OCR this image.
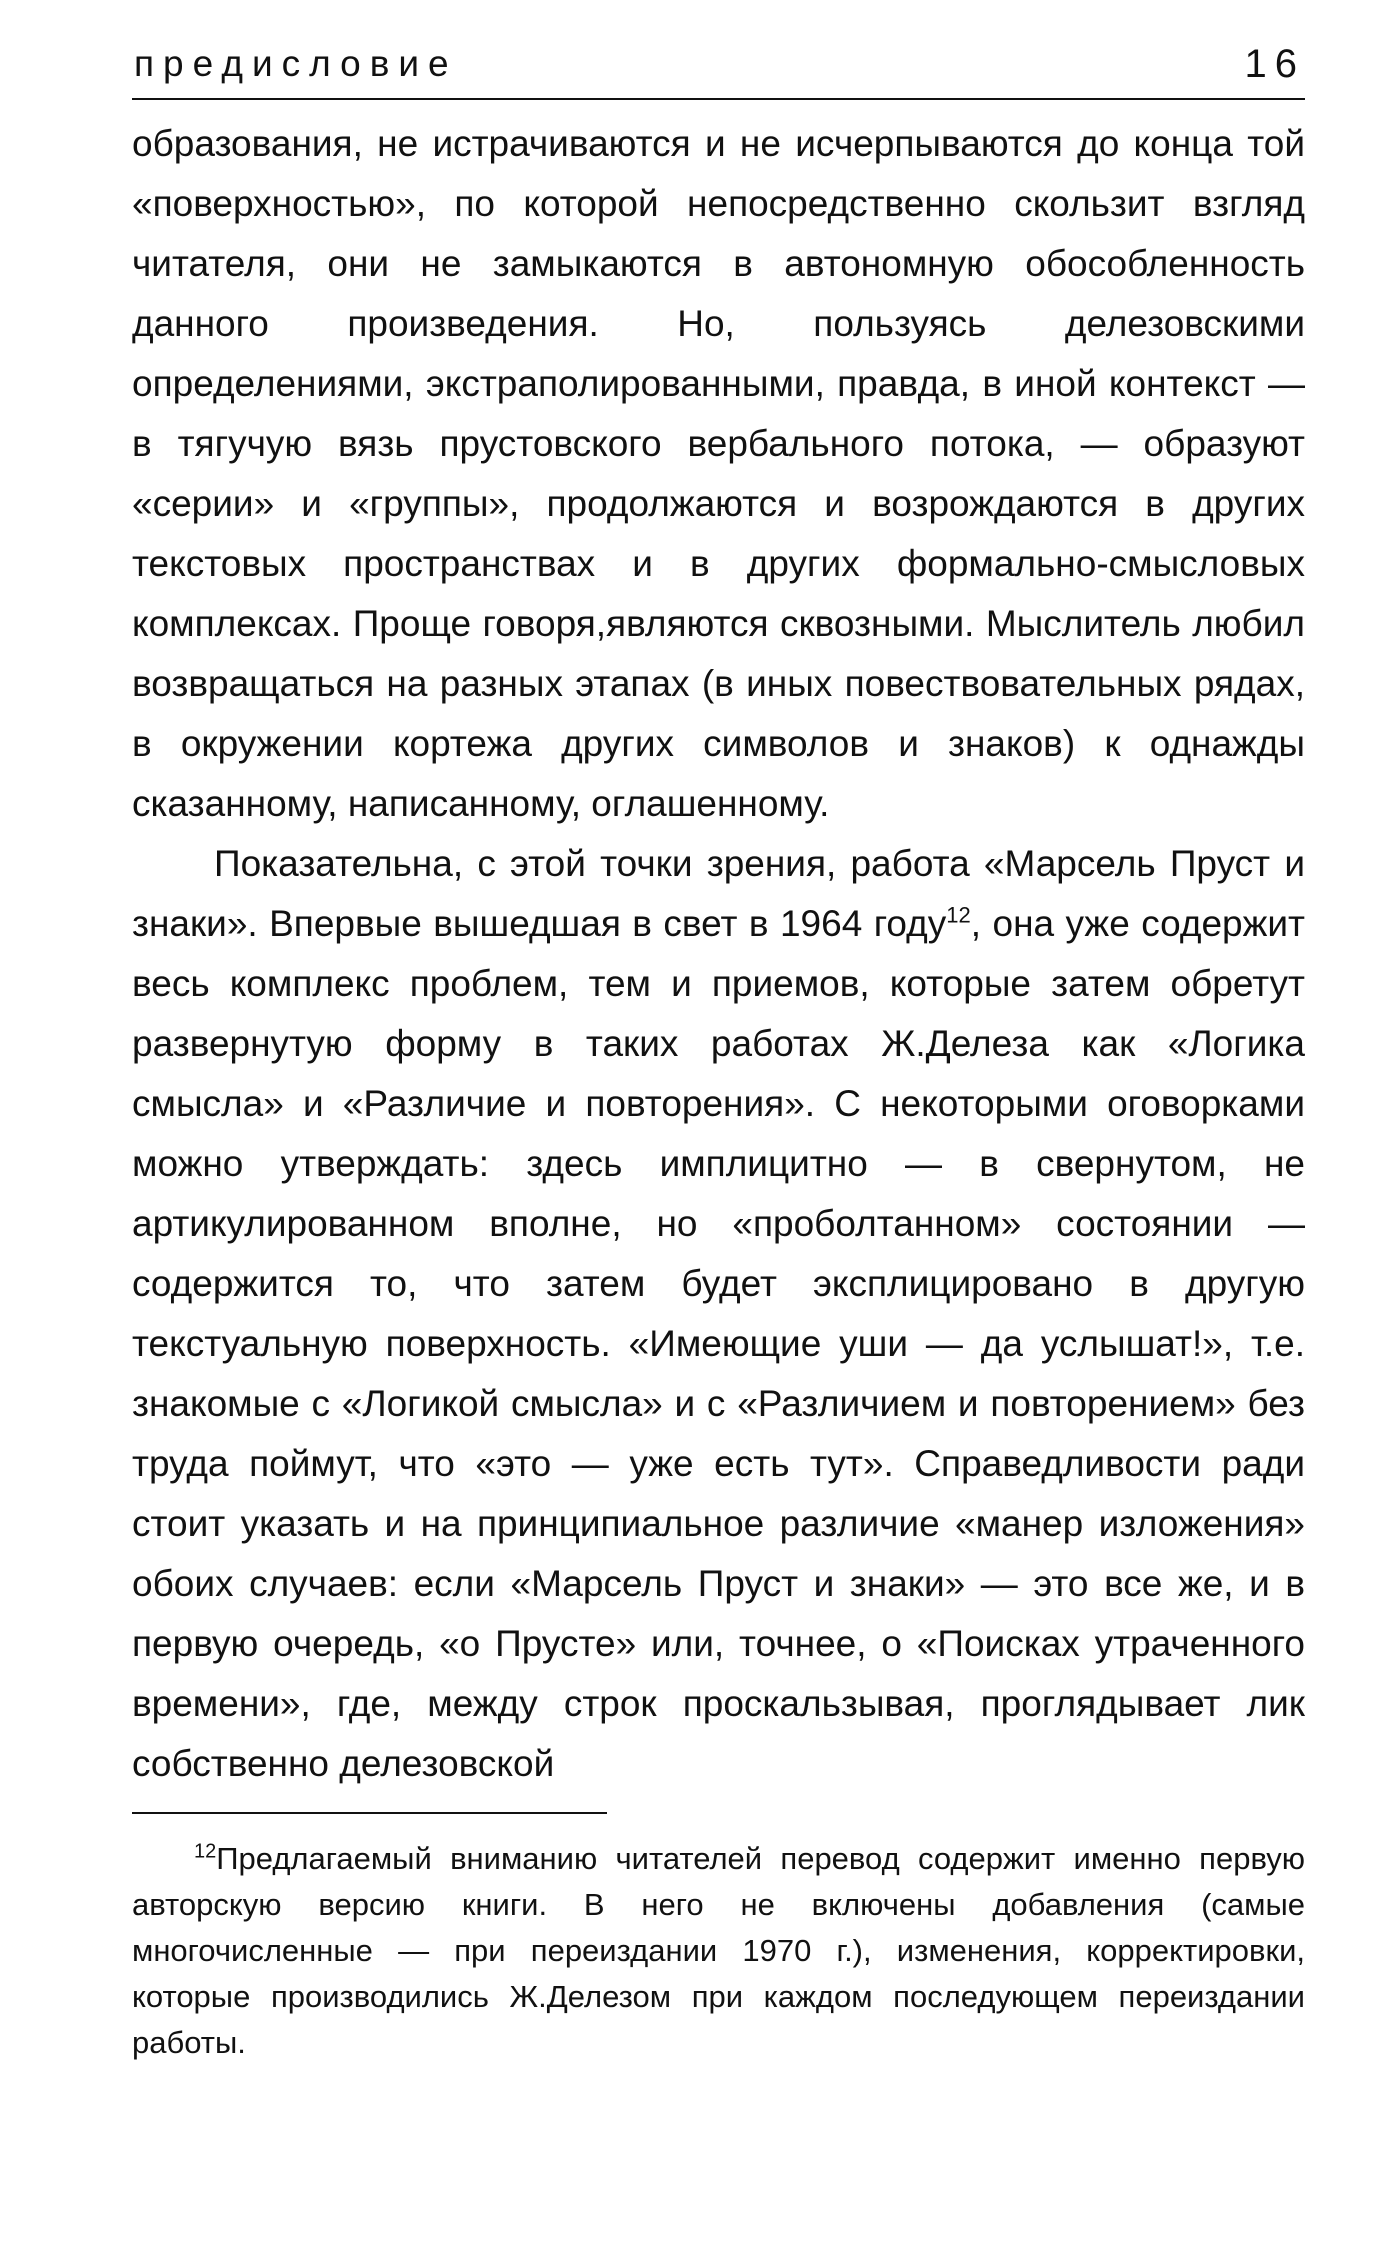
предисловие	16

образования, не истрачиваются и не исчерпываются до конца той «поверхностью», по которой непосредственно скользит взгляд читателя, они не замыкаются в автономную обособленность данного произведения. Но, пользуясь делезовскими определениями, экстраполированными, правда, в иной контекст — в тягучую вязь прустовского вербального потока, — образуют «серии» и «группы», продолжаются и возрождаются в других текстовых пространствах и в других формально-смысловых комплексах. Проще говоря,являются сквозными. Мыслитель любил возвращаться на разных этапах (в иных повествовательных рядах, в окружении кортежа других символов и знаков) к однажды сказанному, написанному, оглашенному.

Показательна, с этой точки зрения, работа «Марсель Пруст и знаки». Впервые вышедшая в свет в 1964 году$^{12}$, она уже содержит весь комплекс проблем, тем и приемов, которые затем обретут развернутую форму в таких работах Ж.Делеза как «Логика смысла» и «Различие и повторения». С некоторыми оговорками можно утверждать: здесь имплицитно — в свернутом, не артикулированном вполне, но «проболтанном» состоянии — содержится то, что затем будет эксплицировано в другую текстуальную поверхность. «Имеющие уши — да услышат!», т.е. знакомые с «Логикой смысла» и с «Различием и повторением» без труда поймут, что «это — уже есть тут». Справедливости ради стоит указать и на принципиальное различие «манер изложения» обоих случаев: если «Марсель Пруст и знаки» — это все же, и в первую очередь, «о Прусте» или, точнее, о «Поисках утраченного времени», где, между строк проскальзывая, проглядывает лик собственно делезовской

$^{12}$Предлагаемый вниманию читателей перевод содержит именно первую авторскую версию книги. В него не включены добавления (самые многочисленные — при переиздании 1970 г.), изменения, корректировки, которые производились Ж.Делезом при каждом последующем переиздании работы.
